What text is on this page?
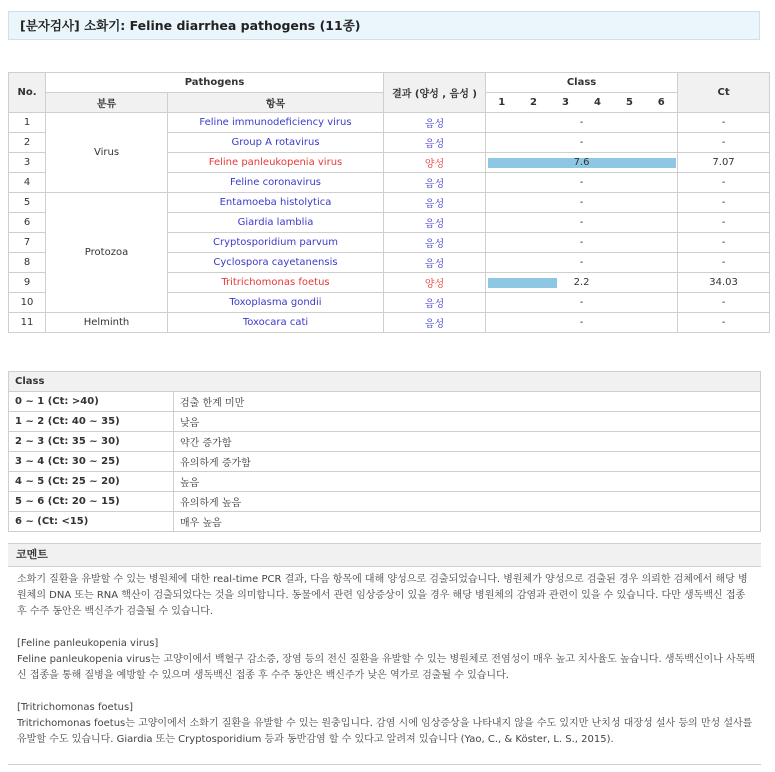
[분자검사] 소화기: Feline diarrhea pathogens (11종)
No.	Pathogens		결과 (양성 , 음성 )	Class						Ct
	분류	항목		1	2	3	4	5	6	
1	Virus	Feline immunodeficiency virus	음성	-						-
2		Group A rotavirus	음성	-						-
3		Feline panleukopenia virus	양성	7.6						7.07
4		Feline coronavirus	음성	-						-
5	Protozoa	Entamoeba histolytica	음성	-						-
6		Giardia lamblia	음성	-						-
7		Cryptosporidium parvum	음성	-						-
8		Cyclospora cayetanensis	음성	-						-
9		Tritrichomonas foetus	양성	2.2						34.03
10		Toxoplasma gondii	음성	-						-
11	Helminth	Toxocara cati	음성	-						-
Class	
0 ~ 1 (Ct: >40)	검출 한계 미만
1 ~ 2 (Ct: 40 ~ 35)	낮음
2 ~ 3 (Ct: 35 ~ 30)	약간 증가함
3 ~ 4 (Ct: 30 ~ 25)	유의하게 증가함
4 ~ 5 (Ct: 25 ~ 20)	높음
5 ~ 6 (Ct: 20 ~ 15)	유의하게 높음
6 ~ (Ct: <15)	매우 높음
코멘트

소화기 질환을 유발할 수 있는 병원체에 대한 real-time PCR 결과, 다음 항목에 대해 양성으로 검출되었습니다. 병원체가 양성으로 검출된 경우 의뢰한 검체에서 해당 병원체의 DNA 또는 RNA 핵산이 검출되었다는 것을 의미합니다. 동물에서 관련 임상증상이 있을 경우 해당 병원체의 감염과 관련이 있을 수 있습니다. 다만 생독백신 접종 후 수주 동안은 백신주가 검출될 수 있습니다.

[Feline panleukopenia virus]

Feline panleukopenia virus는 고양이에서 백혈구 감소증, 장염 등의 전신 질환을 유발할 수 있는 병원체로 전염성이 매우 높고 치사율도 높습니다. 생독백신이나 사독백신 접종을 통해 질병을 예방할 수 있으며 생독백신 접종 후 수주 동안은 백신주가 낮은 역가로 검출될 수 있습니다.

[Tritrichomonas foetus]

Tritrichomonas foetus는 고양이에서 소화기 질환을 유발할 수 있는 원충입니다. 감염 시에 임상증상을 나타내지 않을 수도 있지만 난치성 대장성 설사 등의 만성 설사를 유발할 수도 있습니다. Giardia 또는 Cryptosporidium 등과 동반감염 할 수 있다고 알려져 있습니다 (Yao, C., & Köster, L. S., 2015).
